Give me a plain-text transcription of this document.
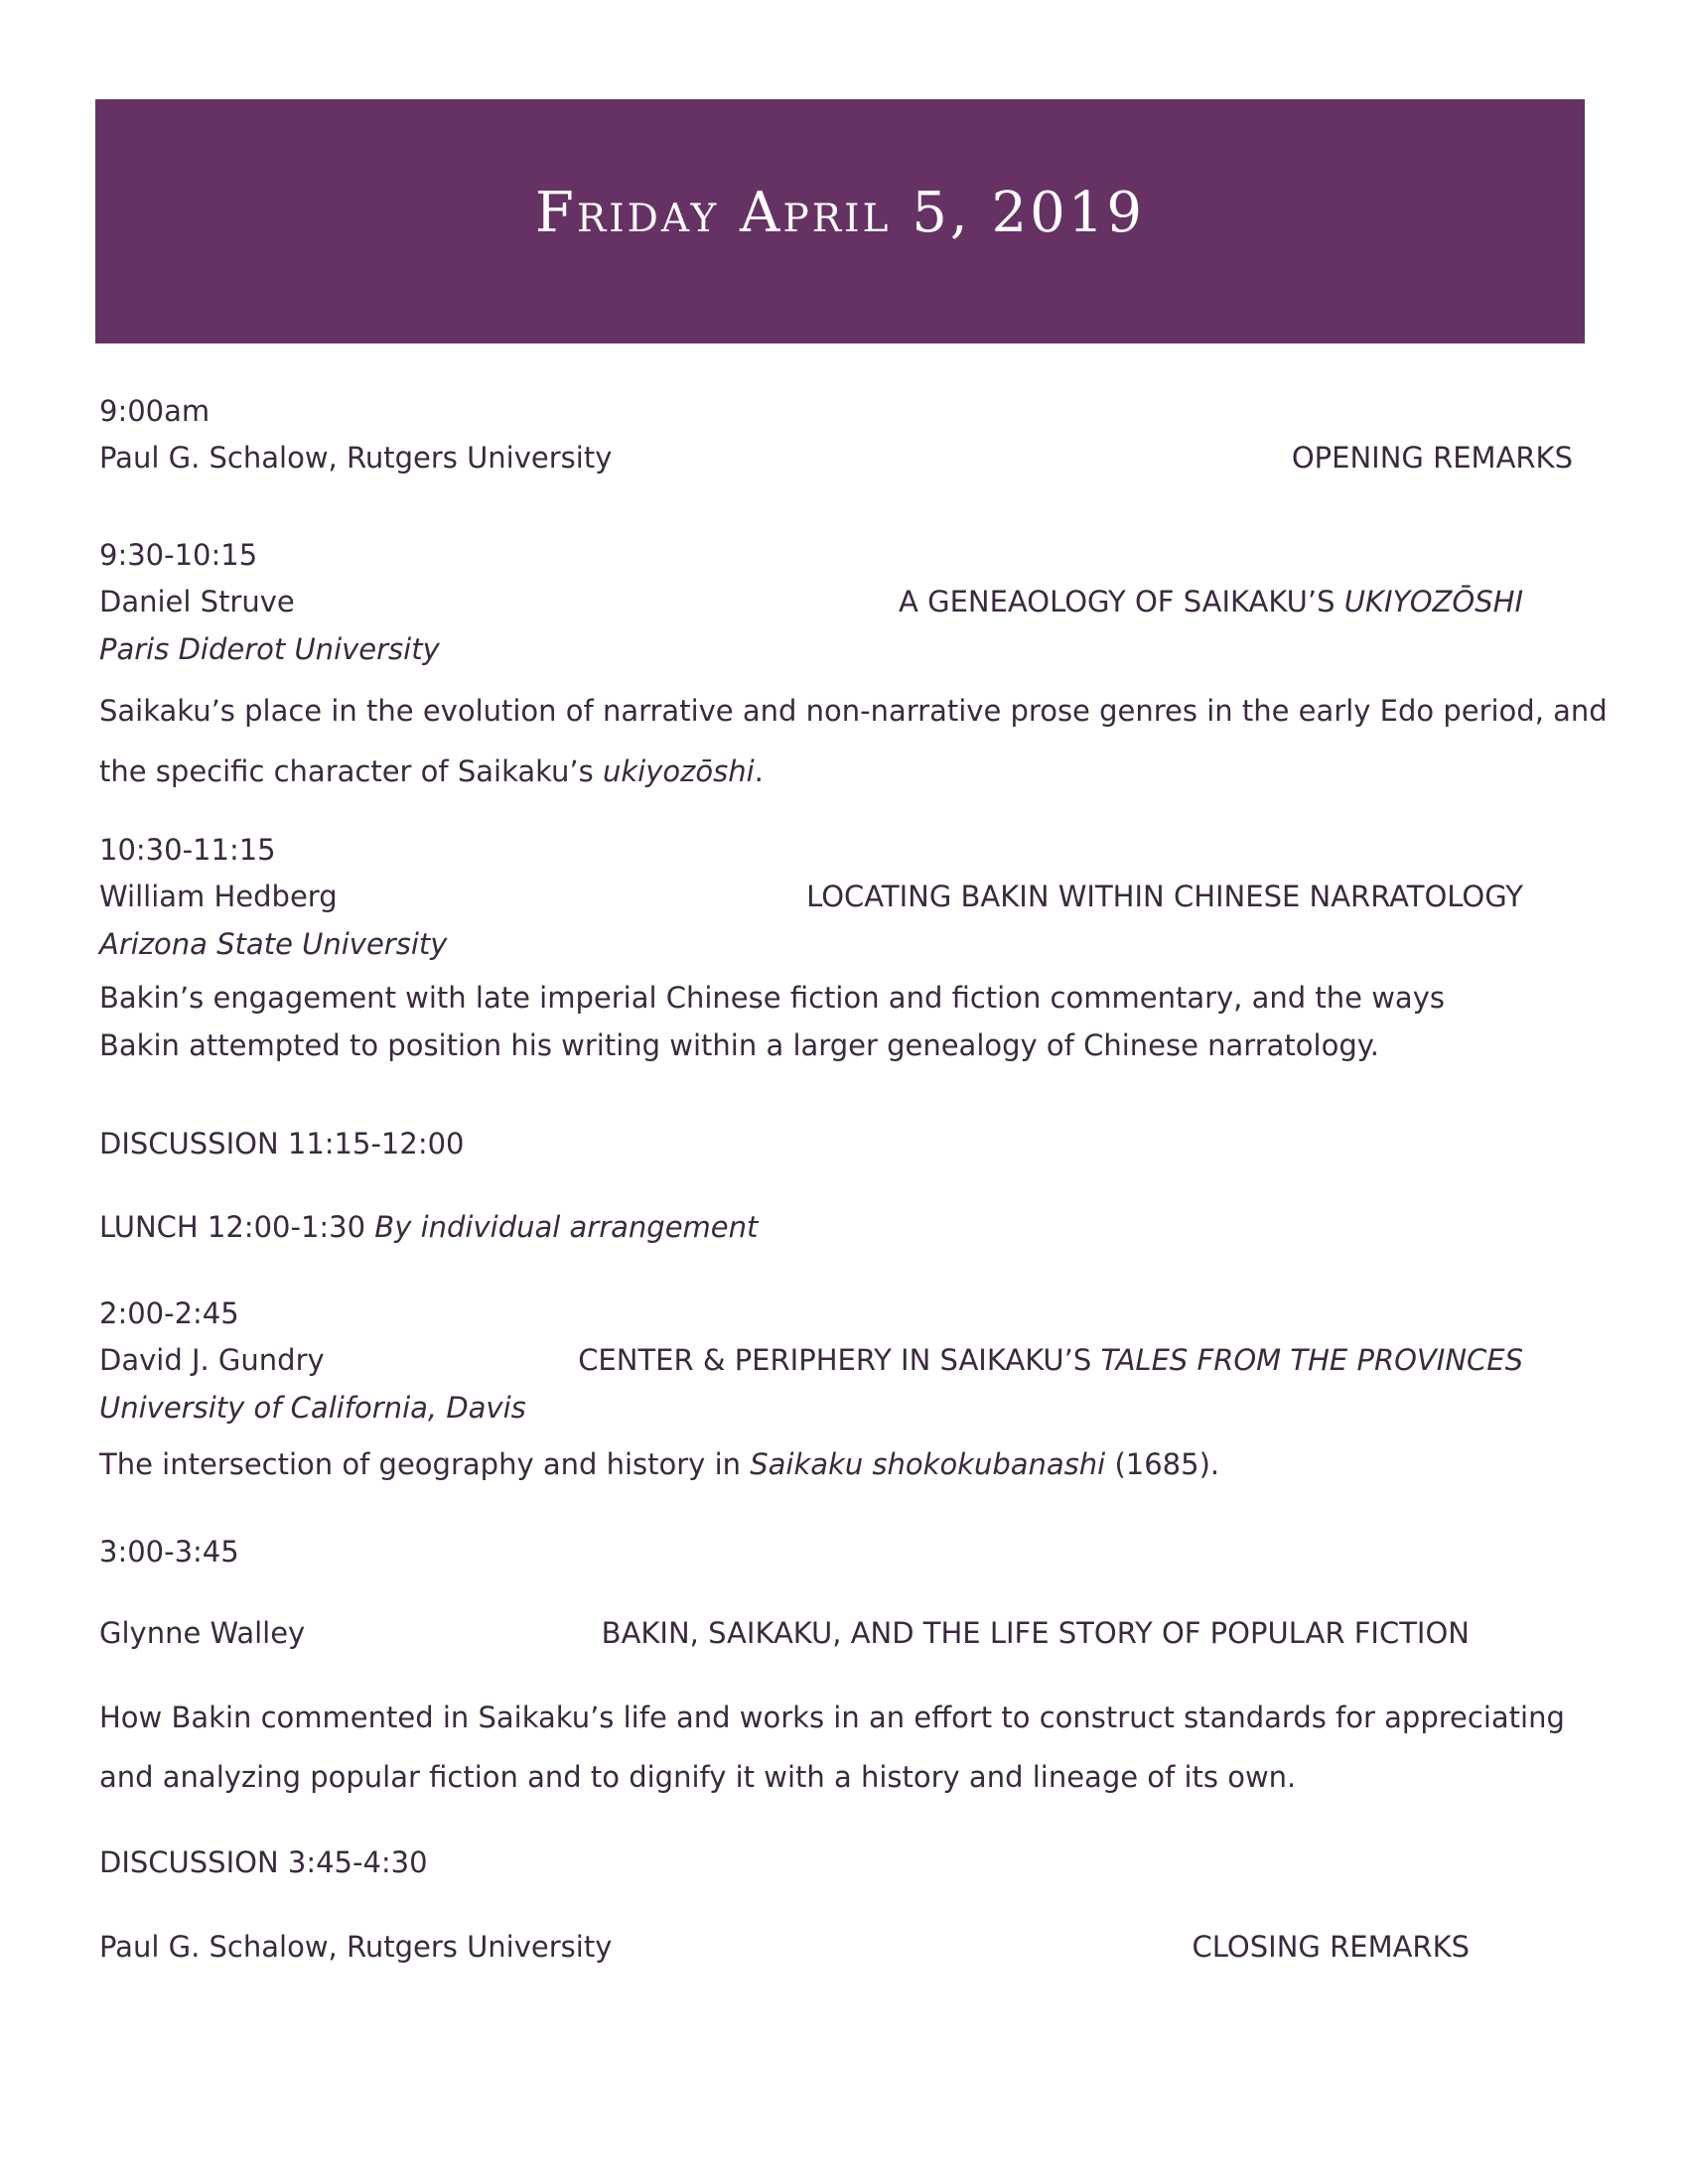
Friday April 5, 2019
9:00am
Paul G. Schalow, Rutgers University	OPENING REMARKS
9:30-10:15
Daniel Struve	A GENEAOLOGY OF SAIKAKU’S UKIYOZŌSHI
Paris Diderot University
Saikaku’s place in the evolution of narrative and non-narrative prose genres in the early Edo period, and the specific character of Saikaku’s ukiyozōshi.
10:30-11:15
William Hedberg	LOCATING BAKIN WITHIN CHINESE NARRATOLOGY
Arizona State University
Bakin’s engagement with late imperial Chinese fiction and fiction commentary, and the ways Bakin attempted to position his writing within a larger genealogy of Chinese narratology.
DISCUSSION 11:15-12:00
LUNCH 12:00-1:30 By individual arrangement
2:00-2:45
David J. Gundry	CENTER & PERIPHERY IN SAIKAKU’S TALES FROM THE PROVINCES
University of California, Davis
The intersection of geography and history in Saikaku shokokubanashi (1685).
3:00-3:45
Glynne Walley	BAKIN, SAIKAKU, AND THE LIFE STORY OF POPULAR FICTION
How Bakin commented in Saikaku’s life and works in an effort to construct standards for appreciating and analyzing popular fiction and to dignify it with a history and lineage of its own.
DISCUSSION 3:45-4:30
Paul G. Schalow, Rutgers University	CLOSING REMARKS
